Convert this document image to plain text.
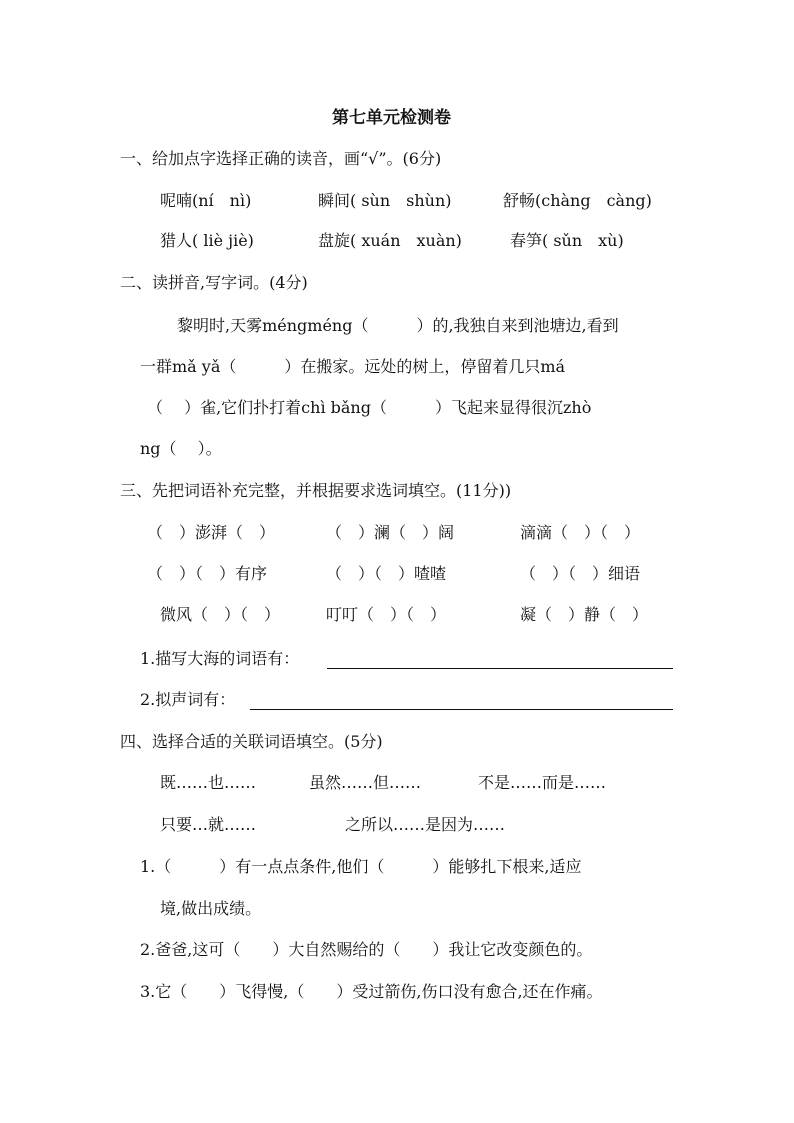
第七单元检测卷
一、给加点字选择正确的读音，画“√”。(6分)
呢喃(ní　nì)	瞬间( sùn　shùn)	舒畅(chàng　càng)
猎人( liè jiè)	盘旋( xuán　xuàn)	春笋( sǔn　xù)
二、读拼音,写字词。(4分)
黎明时,天雾méngméng（　　　）的,我独自来到池塘边,看到
一群mǎ yǎ（　　　）在搬家。远处的树上，停留着几只má
（　 ）雀,它们扑打着chì bǎng（　　　）飞起来显得很沉zhò
ng（　 ）。
三、先把词语补充完整，并根据要求选词填空。(11分))
（　）澎湃（　）	（　）澜（　）阔	滴滴（　）（　）
（　）（　）有序	（　）（　）喳喳	（　）（　）细语
微风（　）（　）	叮叮（　）（　）	凝（　）静（　）
1.描写大海的词语有：
2.拟声词有：
四、选择合适的关联词语填空。(5分)
既……也……	虽然……但……	不是……而是……
只要…就……	之所以……是因为……
1.（　　　）有一点点条件,他们（　　　）能够扎下根来,适应
境,做出成绩。
2.爸爸,这可（　　）大自然赐给的（　　）我让它改变颜色的。
3.它（　　）飞得慢,（　　）受过箭伤,伤口没有愈合,还在作痛。
